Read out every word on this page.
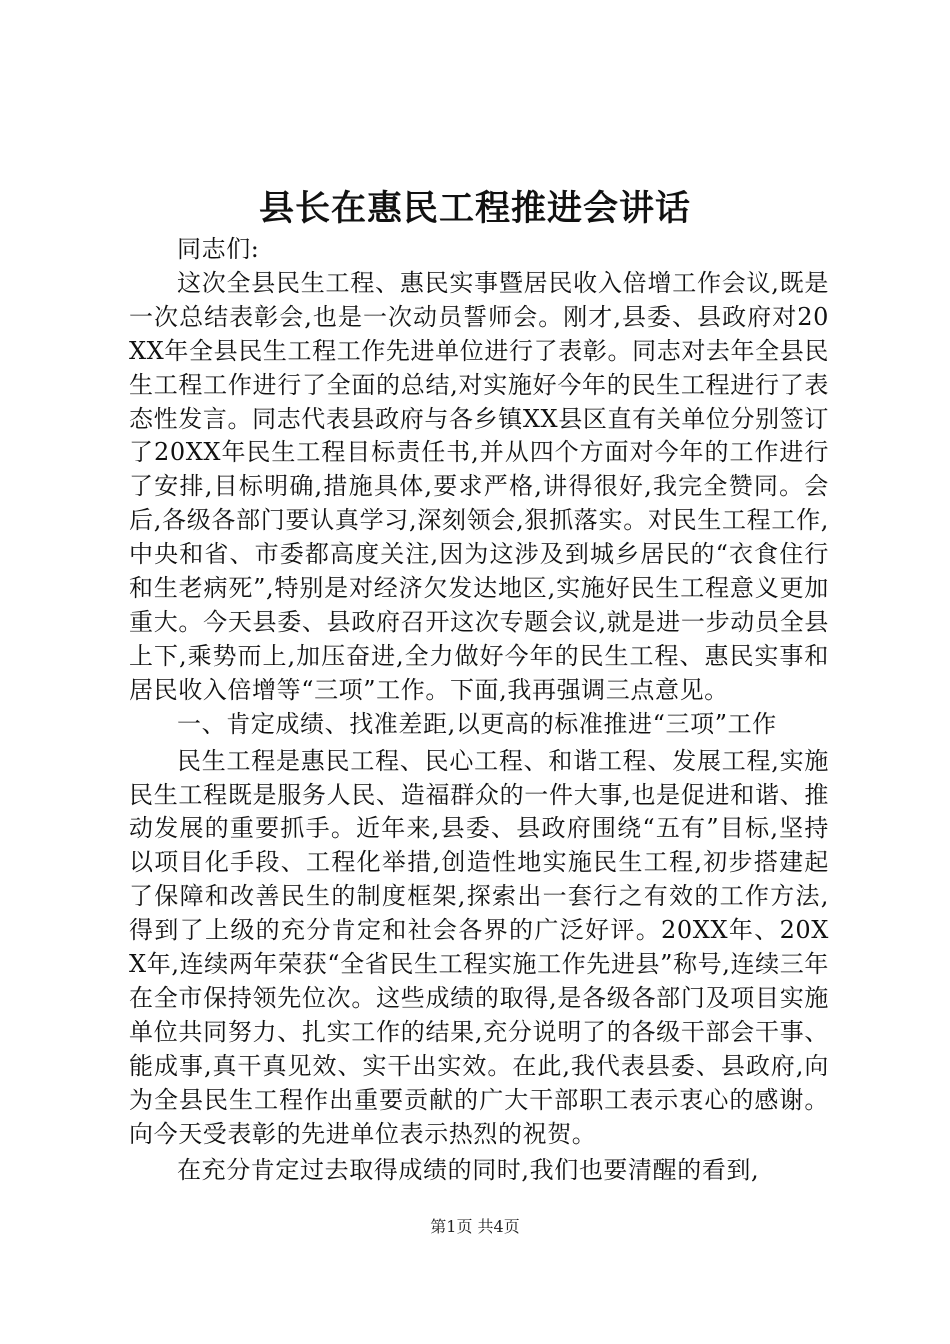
县长在惠民工程推进会讲话

同志们:

这次全县民生工程、惠民实事暨居民收入倍增工作会议,既是一次总结表彰会,也是一次动员誓师会。刚才,县委、县政府对20XX年全县民生工程工作先进单位进行了表彰。同志对去年全县民生工程工作进行了全面的总结,对实施好今年的民生工程进行了表态性发言。同志代表县政府与各乡镇XX县区直有关单位分别签订了20XX年民生工程目标责任书,并从四个方面对今年的工作进行了安排,目标明确,措施具体,要求严格,讲得很好,我完全赞同。会后,各级各部门要认真学习,深刻领会,狠抓落实。对民生工程工作,中央和省、市委都高度关注,因为这涉及到城乡居民的“衣食住行和生老病死”,特别是对经济欠发达地区,实施好民生工程意义更加重大。今天县委、县政府召开这次专题会议,就是进一步动员全县上下,乘势而上,加压奋进,全力做好今年的民生工程、惠民实事和居民收入倍增等“三项”工作。下面,我再强调三点意见。

一、肯定成绩、找准差距,以更高的标准推进“三项”工作

民生工程是惠民工程、民心工程、和谐工程、发展工程,实施民生工程既是服务人民、造福群众的一件大事,也是促进和谐、推动发展的重要抓手。近年来,县委、县政府围绕“五有”目标,坚持以项目化手段、工程化举措,创造性地实施民生工程,初步搭建起了保障和改善民生的制度框架,探索出一套行之有效的工作方法,得到了上级的充分肯定和社会各界的广泛好评。20XX年、20XX年,连续两年荣获“全省民生工程实施工作先进县”称号,连续三年在全市保持领先位次。这些成绩的取得,是各级各部门及项目实施单位共同努力、扎实工作的结果,充分说明了的各级干部会干事、能成事,真干真见效、实干出实效。在此,我代表县委、县政府,向为全县民生工程作出重要贡献的广大干部职工表示衷心的感谢。向今天受表彰的先进单位表示热烈的祝贺。

在充分肯定过去取得成绩的同时,我们也要清醒的看到,

第1页 共4页
